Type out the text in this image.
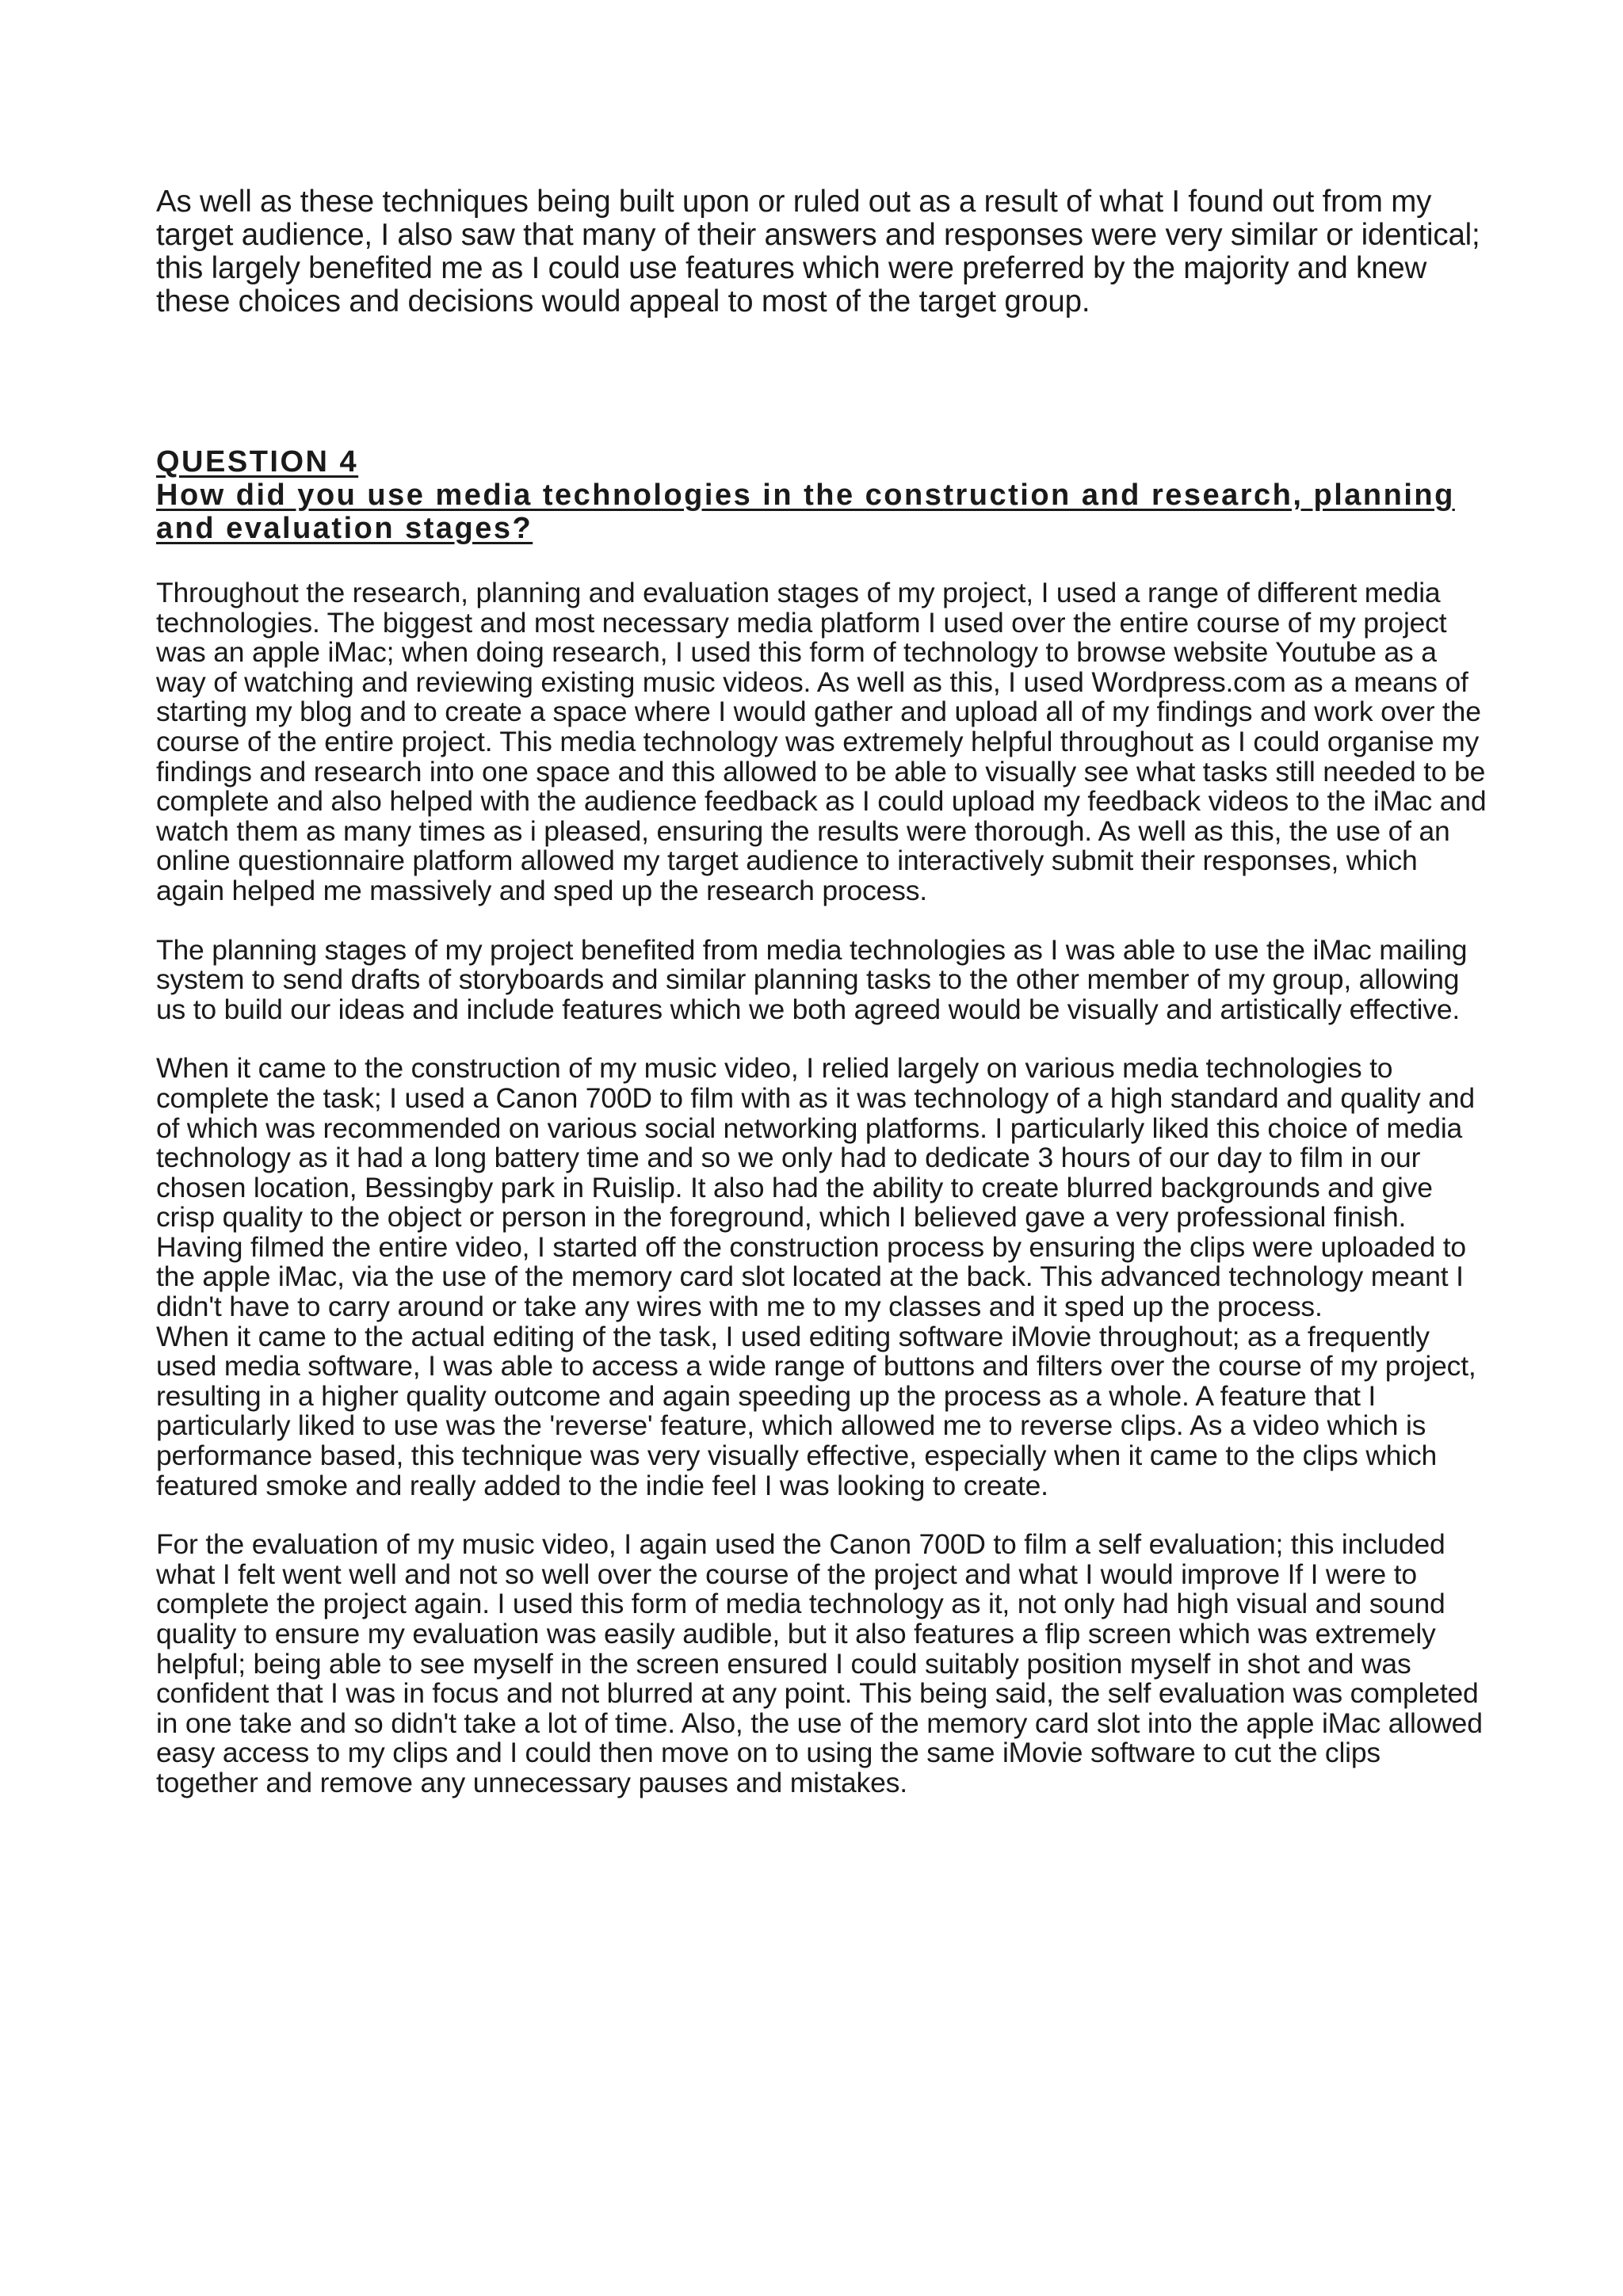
As well as these techniques being built upon or ruled out as a result of what I found out from my target audience, I also saw that many of their answers and responses were very similar or identical; this largely benefited me as I could use features which were preferred by the majority and knew these choices and decisions would appeal to most of the target group.
QUESTION 4
How did you use media technologies in the construction and research, planning and evaluation stages?

Throughout the research, planning and evaluation stages of my project, I used a range of different media technologies. The biggest and most necessary media platform I used over the entire course of my project was an apple iMac; when doing research, I used this form of technology to browse website Youtube as a way of watching and reviewing existing music videos. As well as this, I used Wordpress.com as a means of starting my blog and to create a space where I would gather and upload all of my findings and work over the course of the entire project. This media technology was extremely helpful throughout as I could organise my findings and research into one space and this allowed to be able to visually see what tasks still needed to be complete and also helped with the audience feedback as I could upload my feedback videos to the iMac and watch them as many times as i pleased, ensuring the results were thorough. As well as this, the use of an online questionnaire platform allowed my target audience to interactively submit their responses, which again helped me massively and sped up the research process.

The planning stages of my project benefited from media technologies as I was able to use the iMac mailing system to send drafts of storyboards and similar planning tasks to the other member of my group, allowing us to build our ideas and include features which we both agreed would be visually and artistically effective.

When it came to the construction of my music video, I relied largely on various media technologies to complete the task; I used a Canon 700D to film with as it was technology of a high standard and quality and of which was recommended on various social networking platforms. I particularly liked this choice of media technology as it had a long battery time and so we only had to dedicate 3 hours of our day to film in our chosen location, Bessingby park in Ruislip. It also had the ability to create blurred backgrounds and give crisp quality to the object or person in the foreground, which I believed gave a very professional finish. Having filmed the entire video, I started off the construction process by ensuring the clips were uploaded to the apple iMac, via the use of the memory card slot located at the back. This advanced technology meant I didn't have to carry around or take any wires with me to my classes and it sped up the process.

When it came to the actual editing of the task, I used editing software iMovie throughout; as a frequently used media software, I was able to access a wide range of buttons and filters over the course of my project, resulting in a higher quality outcome and again speeding up the process as a whole. A feature that I particularly liked to use was the 'reverse' feature, which allowed me to reverse clips. As a video which is performance based, this technique was very visually effective, especially when it came to the clips which featured smoke and really added to the indie feel I was looking to create.

For the evaluation of my music video, I again used the Canon 700D to film a self evaluation; this included what I felt went well and not so well over the course of the project and what I would improve If I were to complete the project again. I used this form of media technology as it, not only had high visual and sound quality to ensure my evaluation was easily audible, but it also features a flip screen which was extremely helpful; being able to see myself in the screen ensured I could suitably position myself in shot and was confident that I was in focus and not blurred at any point. This being said, the self evaluation was completed in one take and so didn't take a lot of time. Also, the use of the memory card slot into the apple iMac allowed easy access to my clips and I could then move on to using the same iMovie software to cut the clips together and remove any unnecessary pauses and mistakes.
